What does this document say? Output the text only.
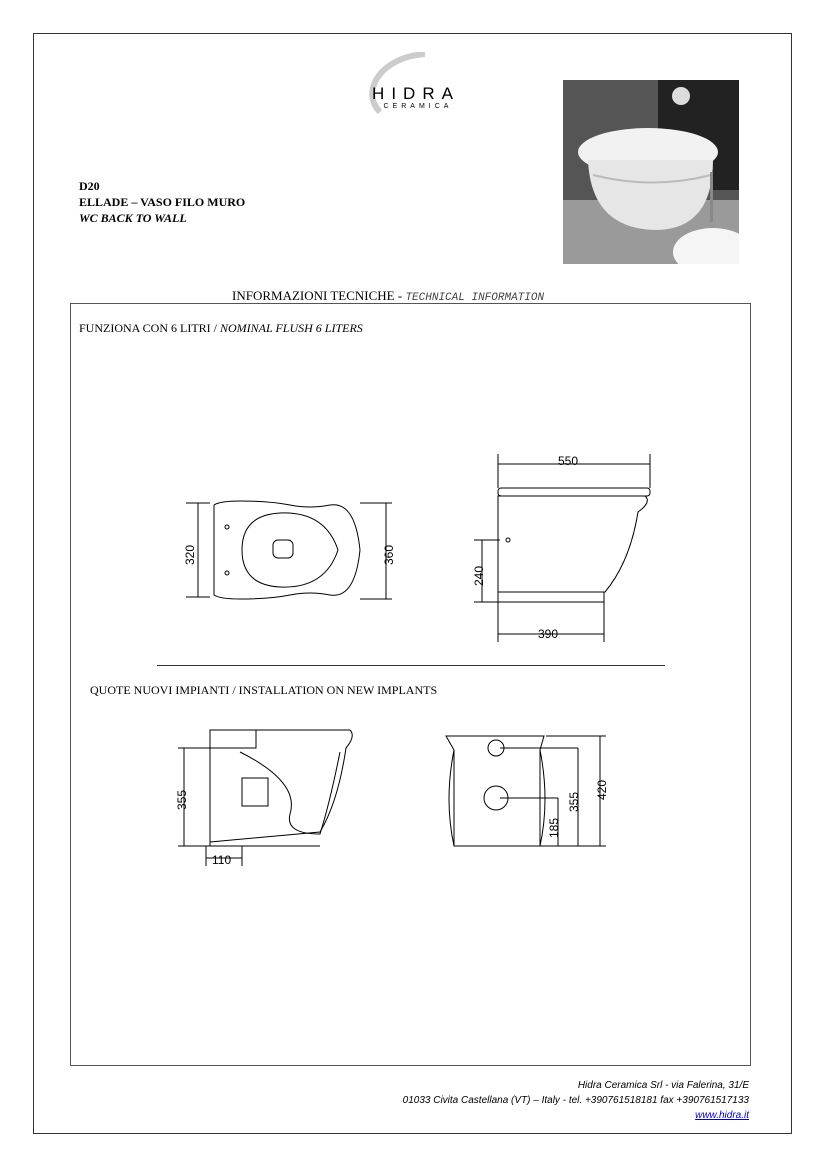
HIDRA
CERAMICA
D20
ELLADE – VASO FILO MURO
WC BACK TO WALL
INFORMAZIONI TECNICHE - TECHNICAL INFORMATION
FUNZIONA CON 6 LITRI / NOMINAL FLUSH 6 LITERS
320	360
550
240
390
QUOTE NUOVI IMPIANTI / INSTALLATION ON NEW IMPLANTS
355
110
185
355
420
Hidra Ceramica Srl - via Falerina, 31/E
01033 Civita Castellana (VT) – Italy - tel. +390761518181 fax +390761517133
www.hidra.it
